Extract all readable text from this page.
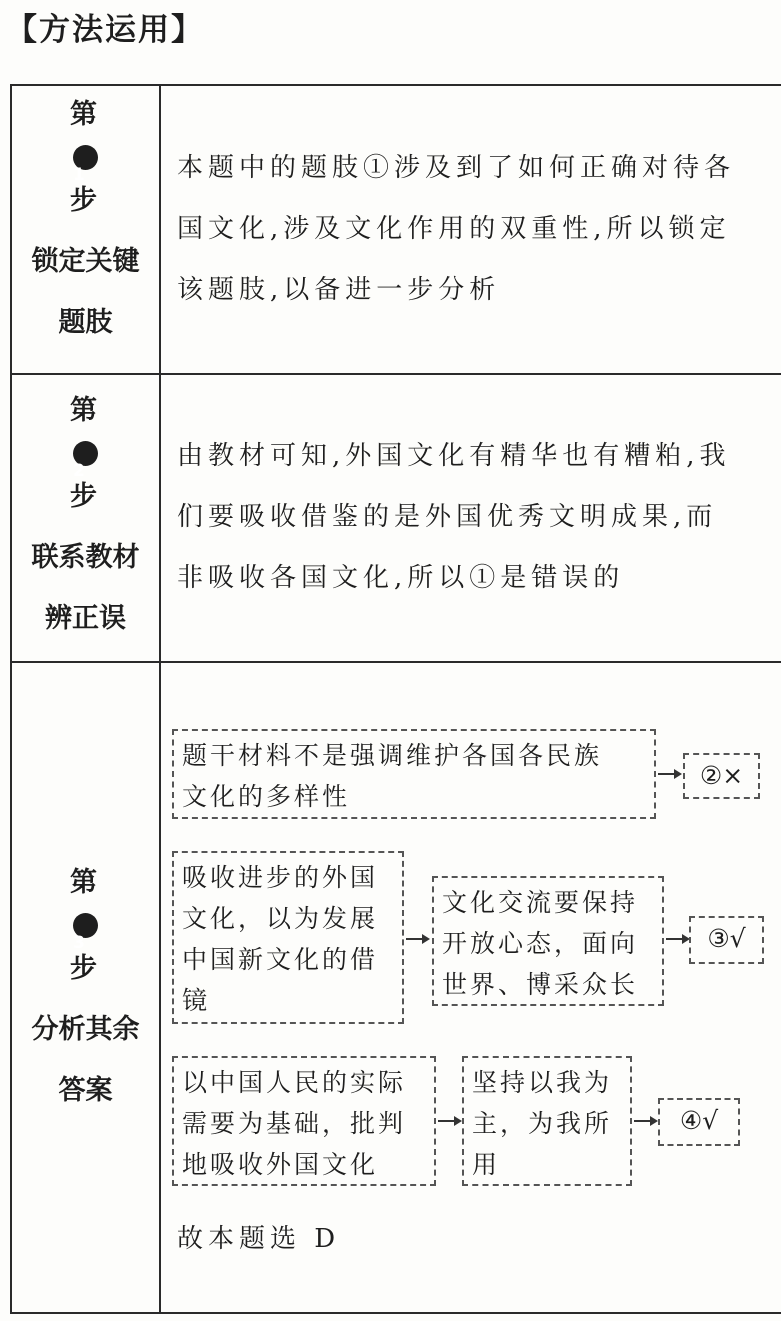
【方法运用】
第
1
步
锁定关键
题肢

本题中的题肢①涉及到了如何正确对待各

国文化,涉及文化作用的双重性,所以锁定

该题肢,以备进一步分析

第
2
步
联系教材
辨正误

由教材可知,外国文化有精华也有糟粕,我

们要吸收借鉴的是外国优秀文明成果,而

非吸收各国文化,所以①是错误的

第
3
步
分析其余
答案

题干材料不是强调维护各国各民族

文化的多样性

②×

吸收进步的外国

文化，以为发展

中国新文化的借

镜

文化交流要保持

开放心态，面向

世界、博采众长

③√

以中国人民的实际

需要为基础，批判

地吸收外国文化

坚持以我为

主，为我所

用

④√
故本题选 D
